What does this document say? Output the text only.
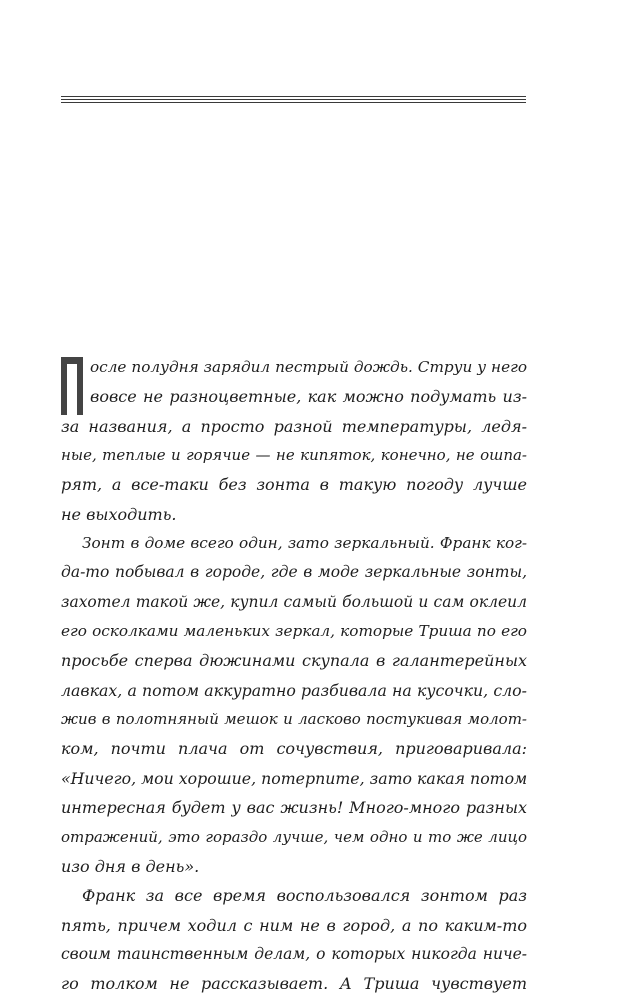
осле полудня зарядил пестрый дождь. Струи у него
вовсе не разноцветные, как можно подумать из-
за названия, а просто разной температуры, ледя-
ные, теплые и горячие — не кипяток, конечно, не ошпа-
рят, а все-таки без зонта в такую погоду лучше
не выходить.
Зонт в доме всего один, зато зеркальный. Франк ког-
да-то побывал в городе, где в моде зеркальные зонты,
захотел такой же, купил самый большой и сам оклеил
его осколками маленьких зеркал, которые Триша по его
просьбе сперва дюжинами скупала в галантерейных
лавках, а потом аккуратно разбивала на кусочки, сло-
жив в полотняный мешок и ласково постукивая молот-
ком, почти плача от сочувствия, приговаривала:
«Ничего, мои хорошие, потерпите, зато какая потом
интересная будет у вас жизнь! Много-много разных
отражений, это гораздо лучше, чем одно и то же лицо
изо дня в день».
Франк за все время воспользовался зонтом раз
пять, причем ходил с ним не в город, а по каким-то
своим таинственным делам, о которых никогда ниче-
го толком не рассказывает. А Триша чувствует
